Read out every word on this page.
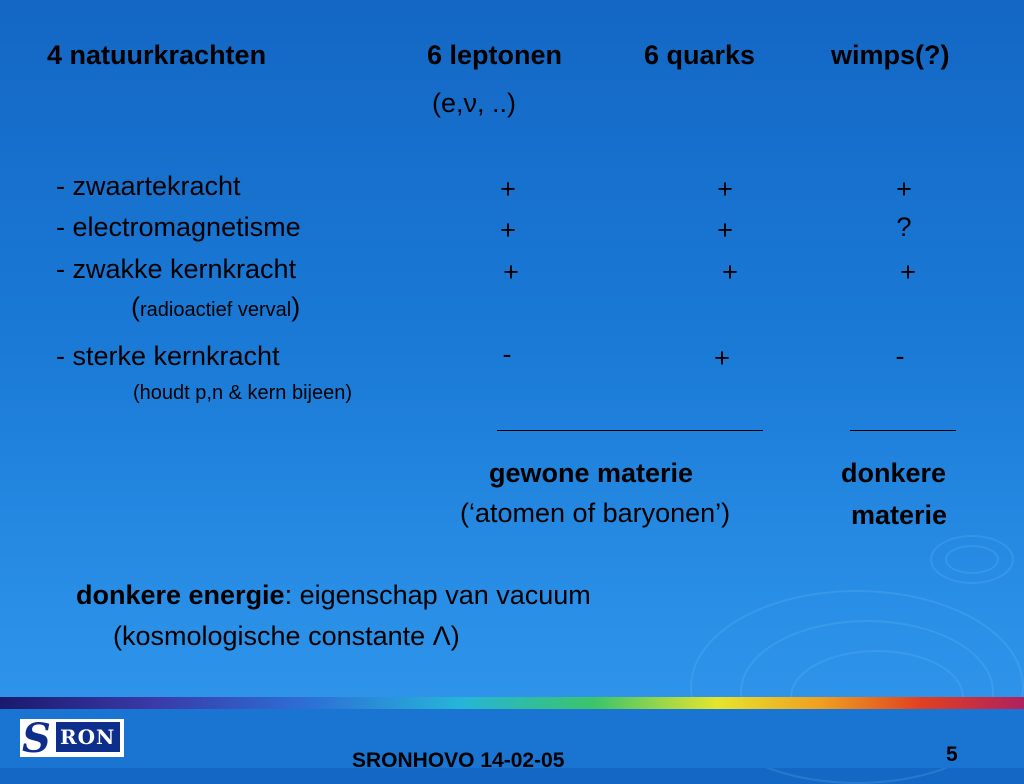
4 natuurkrachten	6 leptonen	6 quarks	wimps(?)

(e,ν, ..)

- zwaartekracht	+	+	+

- electromagnetisme	+	+	?

- zwakke kernkracht	+	+	+

(radioactief verval)

- sterke kernkracht	-	+	-

(houdt p,n & kern bijeen)

gewone materie

(‘atomen of baryonen’)

donkere

materie

donkere energie: eigenschap van vacuum

(kosmologische constante Λ)

S RON

SRONHOVO 14-02-05	5
